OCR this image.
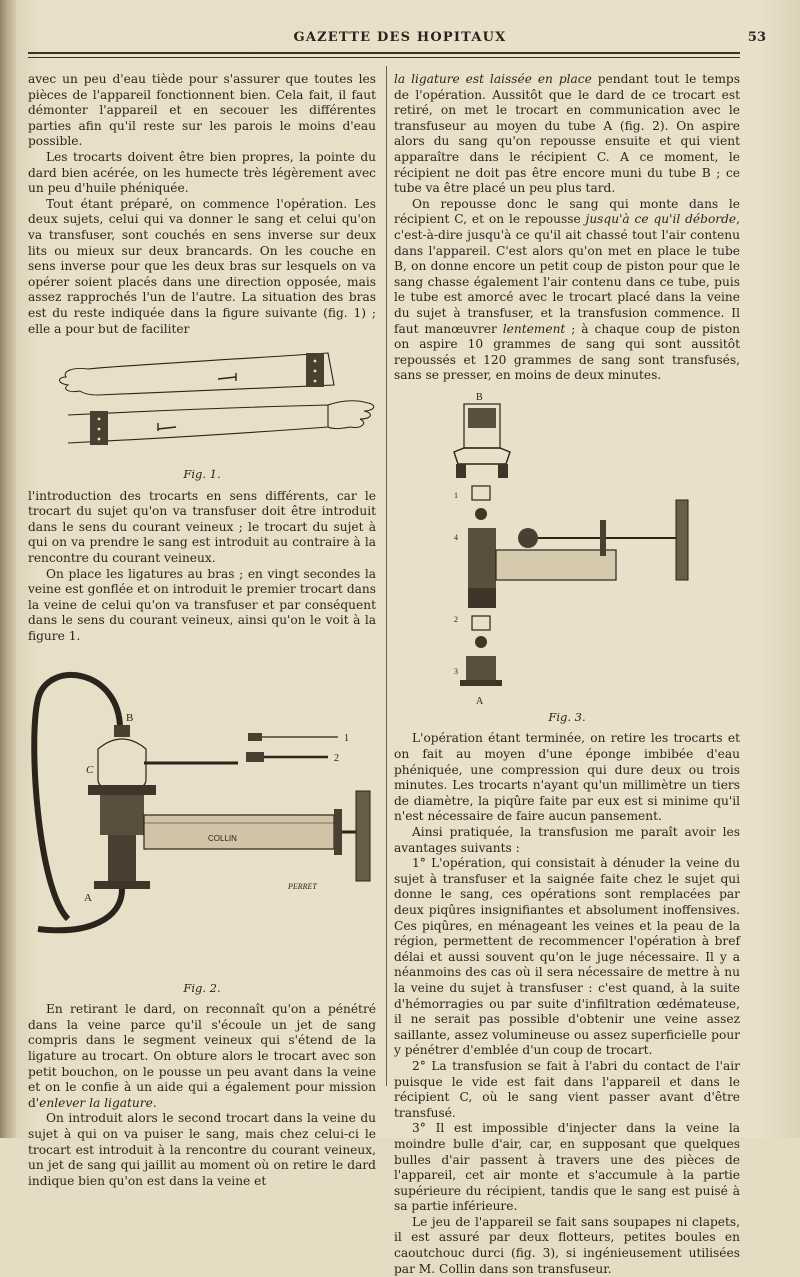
GAZETTE DES HOPITAUX	53

avec un peu d'eau tiède pour s'assurer que toutes les pièces de l'appareil fonctionnent bien. Cela fait, il faut démonter l'appareil et en secouer les différentes parties afin qu'il reste sur les parois le moins d'eau possible.

Les trocarts doivent être bien propres, la pointe du dard bien acérée, on les humecte très légèrement avec un peu d'huile phéniquée.

Tout étant préparé, on commence l'opération. Les deux sujets, celui qui va donner le sang et celui qu'on va transfuser, sont couchés en sens inverse sur deux lits ou mieux sur deux brancards. On les couche en sens inverse pour que les deux bras sur lesquels on va opérer soient placés dans une direction opposée, mais assez rapprochés l'un de l'autre. La situation des bras est du reste indiquée dans la figure suivante (fig. 1) ; elle a pour but de faciliter

Fig. 1.

l'introduction des trocarts en sens différents, car le trocart du sujet qu'on va transfuser doit être introduit dans le sens du courant veineux ; le trocart du sujet à qui on va prendre le sang est introduit au contraire à la rencontre du courant veineux.

On place les ligatures au bras ; en vingt secondes la veine est gonflée et on introduit le premier trocart dans la veine de celui qu'on va transfuser et par conséquent dans le sens du courant veineux, ainsi qu'on le voit à la figure 1.

B
C
A
1
2
COLLIN
PERRET
Fig. 2.

En retirant le dard, on reconnaît qu'on a pénétré dans la veine parce qu'il s'écoule un jet de sang compris dans le segment veineux qui s'étend de la ligature au trocart. On obture alors le trocart avec son petit bouchon, on le pousse un peu avant dans la veine et on le confie à un aide qui a également pour mission d'enlever la ligature.

On introduit alors le second trocart dans la veine du sujet à qui on va puiser le sang, mais chez celui-ci le trocart est introduit à la rencontre du courant veineux, un jet de sang qui jaillit au moment où on retire le dard indique bien qu'on est dans la veine et

la ligature est laissée en place pendant tout le temps de l'opération. Aussitôt que le dard de ce trocart est retiré, on met le trocart en communication avec le transfuseur au moyen du tube A (fig. 2). On aspire alors du sang qu'on repousse ensuite et qui vient apparaître dans le récipient C. A ce moment, le récipient ne doit pas être encore muni du tube B ; ce tube va être placé un peu plus tard.

On repousse donc le sang qui monte dans le récipient C, et on le repousse jusqu'à ce qu'il déborde, c'est-à-dire jusqu'à ce qu'il ait chassé tout l'air contenu dans l'appareil. C'est alors qu'on met en place le tube B, on donne encore un petit coup de piston pour que le sang chasse également l'air contenu dans ce tube, puis le tube est amorcé avec le trocart placé dans la veine du sujet à transfuser, et la transfusion commence. Il faut manœuvrer lentement ; à chaque coup de piston on aspire 10 grammes de sang qui sont aussitôt repoussés et 120 grammes de sang sont transfusés, sans se presser, en moins de deux minutes.

B
A
1
2
3
4
Fig. 3.

L'opération étant terminée, on retire les trocarts et on fait au moyen d'une éponge imbibée d'eau phéniquée, une compression qui dure deux ou trois minutes. Les trocarts n'ayant qu'un millimètre un tiers de diamètre, la piqûre faite par eux est si minime qu'il n'est nécessaire de faire aucun pansement.

Ainsi pratiquée, la transfusion me paraît avoir les avantages suivants :

1° L'opération, qui consistait à dénuder la veine du sujet à transfuser et la saignée faite chez le sujet qui donne le sang, ces opérations sont remplacées par deux piqûres insignifiantes et absolument inoffensives. Ces piqûres, en ménageant les veines et la peau de la région, permettent de recommencer l'opération à bref délai et aussi souvent qu'on le juge nécessaire. Il y a néanmoins des cas où il sera nécessaire de mettre à nu la veine du sujet à transfuser : c'est quand, à la suite d'hémorragies ou par suite d'infiltration œdémateuse, il ne serait pas possible d'obtenir une veine assez saillante, assez volumineuse ou assez superficielle pour y pénétrer d'emblée d'un coup de trocart.

2° La transfusion se fait à l'abri du contact de l'air puisque le vide est fait dans l'appareil et dans le récipient C, où le sang vient passer avant d'être transfusé.

3° Il est impossible d'injecter dans la veine la moindre bulle d'air, car, en supposant que quelques bulles d'air passent à travers une des pièces de l'appareil, cet air monte et s'accumule à la partie supérieure du récipient, tandis que le sang est puisé à sa partie inférieure.

Le jeu de l'appareil se fait sans soupapes ni clapets, il est assuré par deux flotteurs, petites boules en caoutchouc durci (fig. 3), si ingénieusement utilisées par M. Collin dans son transfuseur.
